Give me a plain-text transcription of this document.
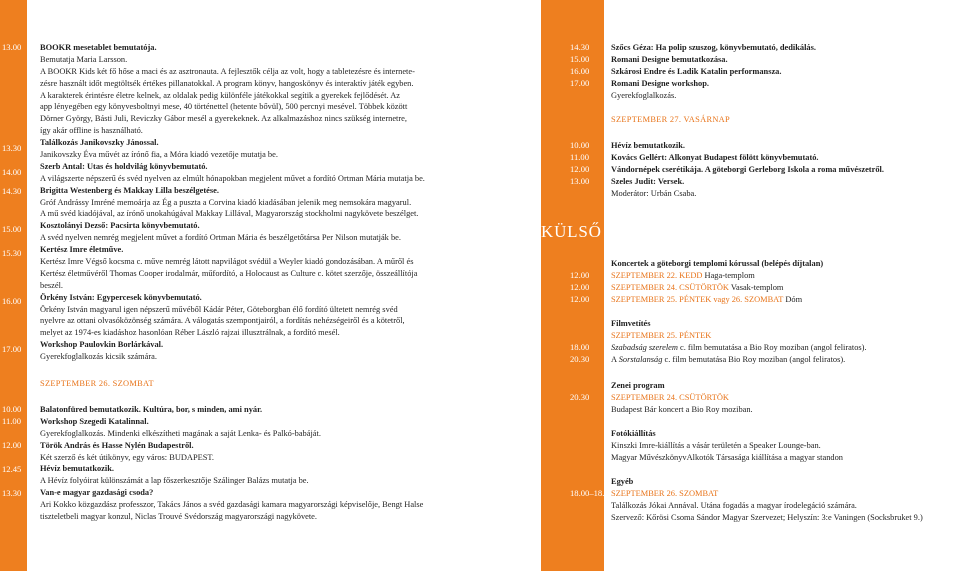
13.00
13.30
14.00
14.30
15.00
15.30
16.00
17.00
10.00
11.00
12.00
12.45
13.30
BOOKR mesetablet bemutatója.
Bemutatja Maria Larsson.
A BOOKR Kids két fő hőse a macі és az asztronauta. A fejlesztők célja az volt, hogy a tabletezésre és internete-
zésre használt időt megtöltsék értékes pillanatokkal. A program könyv, hangoskönyv és interaktív játék egyben.
A karakterek érintésre életre kelnek, az oldalak pedig különféle játékokkal segítik a gyerekek fejlődését. Az
app lényegében egy könyvesboltnyi mese, 40 történettel (hetente bővül), 500 percnyi mesével. Többek között
Dörner György, Básti Juli, Reviczky Gábor mesél a gyerekeknek. Az alkalmazáshoz nincs szükség internetre,
így akár offline is használható.
Találkozás Janikovszky Jánossal.
Janikovszky Éva művét az írónő fia, a Móra kiadó vezetője mutatja be.
Szerb Antal: Utas és holdvilág könyvbemutató.
A világszerte népszerű és svéd nyelven az elmúlt hónapokban megjelent művet a fordító Ortman Mária mutatja be.
Brigitta Westenberg és Makkay Lilla beszélgetése.
Gróf Andrássy Imréné memoárja az Ég a puszta a Corvina kiadó kiadásában jelenik meg nemsokára magyarul.
A mű svéd kiadójával, az írónő unokahúgával Makkay Lillával, Magyarország stockholmi nagykövete beszélget.
Kosztolányi Dezső: Pacsirta könyvbemutató.
A svéd nyelven nemrég megjelent művet a fordító Ortman Mária és beszélgetőtársa Per Nilson mutatják be.
Kertész Imre életműve.
Kertész Imre Végső kocsma c. művе nemrég látott napvilágot svédül a Weyler kiadó gondozásában. A műről és
Kertész életművéről Thomas Cooper irodalmár, műfordító, a Holocaust as Culture c. kötet szerzője, összeállítója
beszél.
Örkény István: Egypercesek könyvbemutató.
Örkény István magyarul igen népszerű művéből Kádár Péter, Göteborgban élő fordító ültetett nemrég svéd
nyelvre az ottani olvasóközönség számára. A válogatás szempontjairól, a fordítás nehézségeiről és a kötetről,
melyet az 1974-es kiadáshoz hasonlóan Réber László rajzai illusztrálnak, a fordító mesél.
Workshop Paulovkin Borlárkával.
Gyerekfoglalkozás kicsik számára.
SZEPTEMBER 26. SZOMBAT
Balatonfüred bemutatkozik. Kultúra, bor, s minden, ami nyár.
Workshop Szegedi Katalinnal.
Gyerekfoglalkozás. Mindenki elkészítheti magának a saját Lenka- és Palkó-babáját.
Török András és Hasse Nylén Budapestről.
Két szerző és két útikönyv, egy város: BUDAPEST.
Hévíz bemutatkozik.
A Hévíz folyóirat különszámát a lap főszerkesztője Szálinger Balázs mutatja be.
Van-e magyar gazdasági csoda?
Ari Kokko közgazdász professzor, Takács János a svéd gazdasági kamara magyarországi képviselője, Bengt Halse
tiszteletbeli magyar konzul, Niclas Trouvé Svédország magyarországi nagykövete.
14.30
15.00
16.00
17.00
10.00
11.00
12.00
13.00
12.00
12.00
12.00
18.00
20.30
20.30
18.00–18.45
Szőcs Géza: Ha polip szuszog, könyvbemutató, dedikálás.
Romani Designe bemutatkozása.
Szkárosi Endre és Ladik Katalin performansza.
Romani Designe workshop.
Gyerekfoglalkozás.
SZEPTEMBER 27. VASÁRNAP
Hévíz bemutatkozik.
Kovács Gellért: Alkonyat Budapest fölött könyvbemutató.
Vándornépek cserétikája. A göteborgi Gerleborg Iskola a roma művészetről.
Szeles Judit: Versek.
Moderátor: Urbán Csaba.
KÜLSŐ HELYSZÍNEN ZAJLÓ PROGRAMOK
Koncertek a göteborgi templomi kórussal (belépés díjtalan)
SZEPTEMBER 22. KEDD Haga-templom
SZEPTEMBER 24. CSÜTÖRTÖK Vasak-templom
SZEPTEMBER 25. PÉNTEK vagy 26. SZOMBAT Dóm
Filmvetítés
SZEPTEMBER 25. PÉNTEK
Szabadság szerelem c. film bemutatása a Bio Roy moziban (angol feliratos).
A Sorstalanság c. film bemutatása Bio Roy moziban (angol feliratos).
Zenei program
SZEPTEMBER 24. CSÜTÖRTÖK
Budapest Bár koncert a Bio Roy moziban.
Fotókiállítás
Kinszki Imre-kiállítás a vásár területén a Speaker Lounge-ban.
Magyar MűvészkönyvAlkotók Társasága kiállítása a magyar standon
Egyéb
SZEPTEMBER 26. SZOMBAT
Találkozás Jókai Annával. Utána fogadás a magyar írodelegáció számára.
Szervező: Kőrösi Csoma Sándor Magyar Szervezet; Helyszín: 3:e Vaningen (Socksbruket 9.)
